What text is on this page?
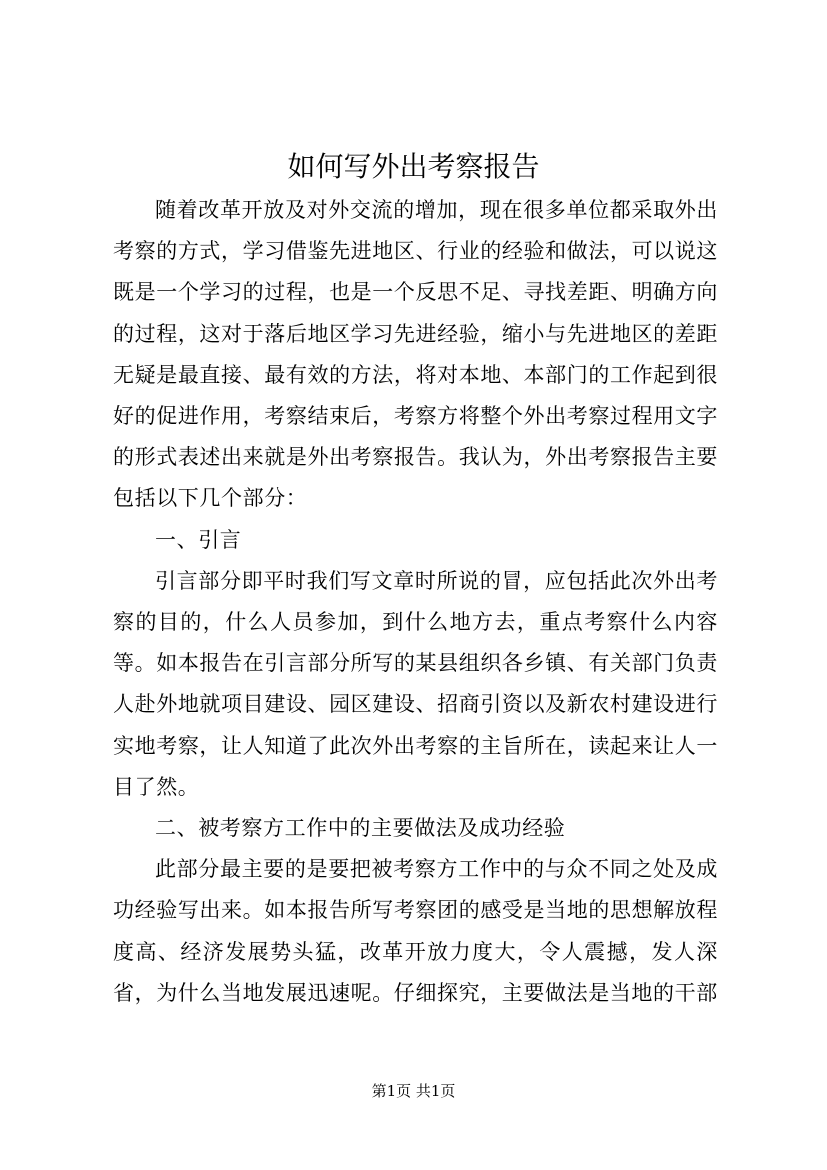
如何写外出考察报告

随着改革开放及对外交流的增加，现在很多单位都采取外出考察的方式，学习借鉴先进地区、行业的经验和做法，可以说这既是一个学习的过程，也是一个反思不足、寻找差距、明确方向的过程，这对于落后地区学习先进经验，缩小与先进地区的差距无疑是最直接、最有效的方法，将对本地、本部门的工作起到很好的促进作用，考察结束后，考察方将整个外出考察过程用文字的形式表述出来就是外出考察报告。我认为，外出考察报告主要包括以下几个部分：

一、引言

引言部分即平时我们写文章时所说的冒，应包括此次外出考察的目的，什么人员参加，到什么地方去，重点考察什么内容等。如本报告在引言部分所写的某县组织各乡镇、有关部门负责人赴外地就项目建设、园区建设、招商引资以及新农村建设进行实地考察，让人知道了此次外出考察的主旨所在，读起来让人一目了然。

二、被考察方工作中的主要做法及成功经验

此部分最主要的是要把被考察方工作中的与众不同之处及成功经验写出来。如本报告所写考察团的感受是当地的思想解放程度高、经济发展势头猛，改革开放力度大，令人震撼，发人深省，为什么当地发展迅速呢。仔细探究，主要做法是当地的干部

第1页 共1页
